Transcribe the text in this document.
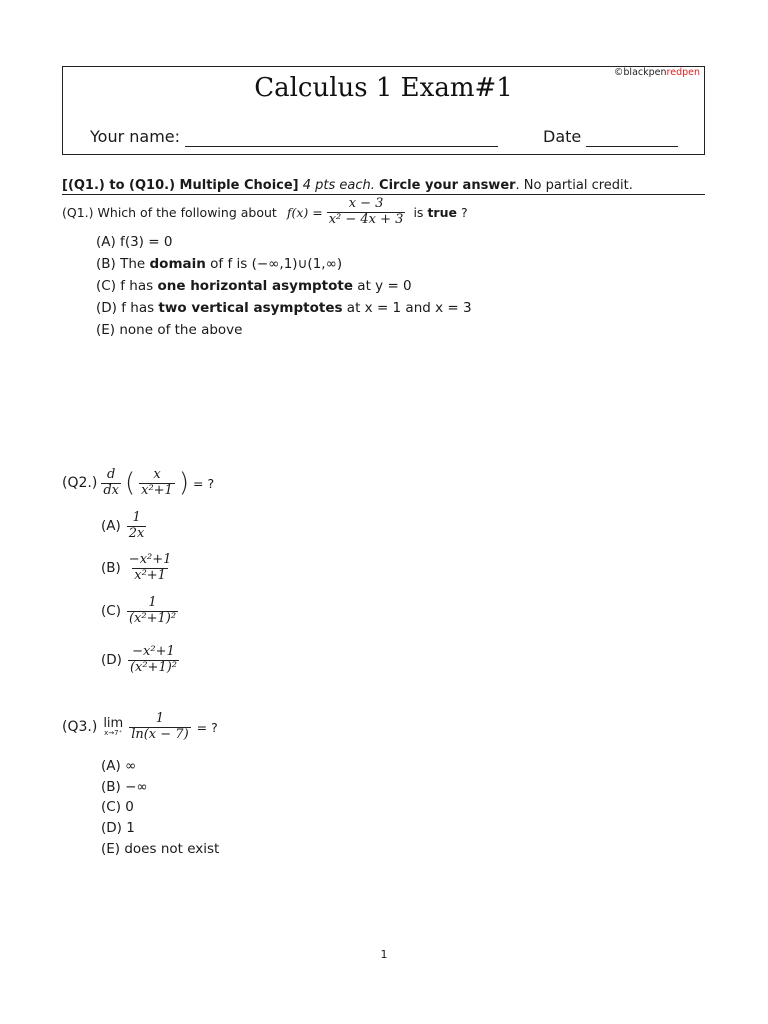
Calculus 1 Exam#1
©blackpenredpen
Your name:	Date
[(Q1.) to (Q10.) Multiple Choice] 4 pts each. Circle your answer. No partial credit.
(Q1.) Which of the following about $f(x) = \frac{x - 3}{\text{x² − 4x + 3}}$ is true ?
(A) f(3) = 0
(B) The domain of f is (−∞,1)∪(1,∞)
(C) f has one horizontal asymptote at y = 0
(D) f has two vertical asymptotes at x = 1 and x = 3
(E) none of the above
$(Q2.) \frac{d}{dx}$ ( $\frac{x}{\text{x²+1}}$ ) = ?
$(A) \frac{1}{2x}$
$(B) \frac{\text{−x²+1}}{\text{x²+1}}$
$(C) \frac{1}{\text{(x²+1)²}}$
$(D) \frac{\text{−x²+1}}{\text{(x²+1)²}}$
(Q3.) lim
$x\to 7^+ \frac{1}{\ln(x - 7)}$ = ?
(A) ∞
(B) −∞
(C) 0
(D) 1
(E) does not exist
1
